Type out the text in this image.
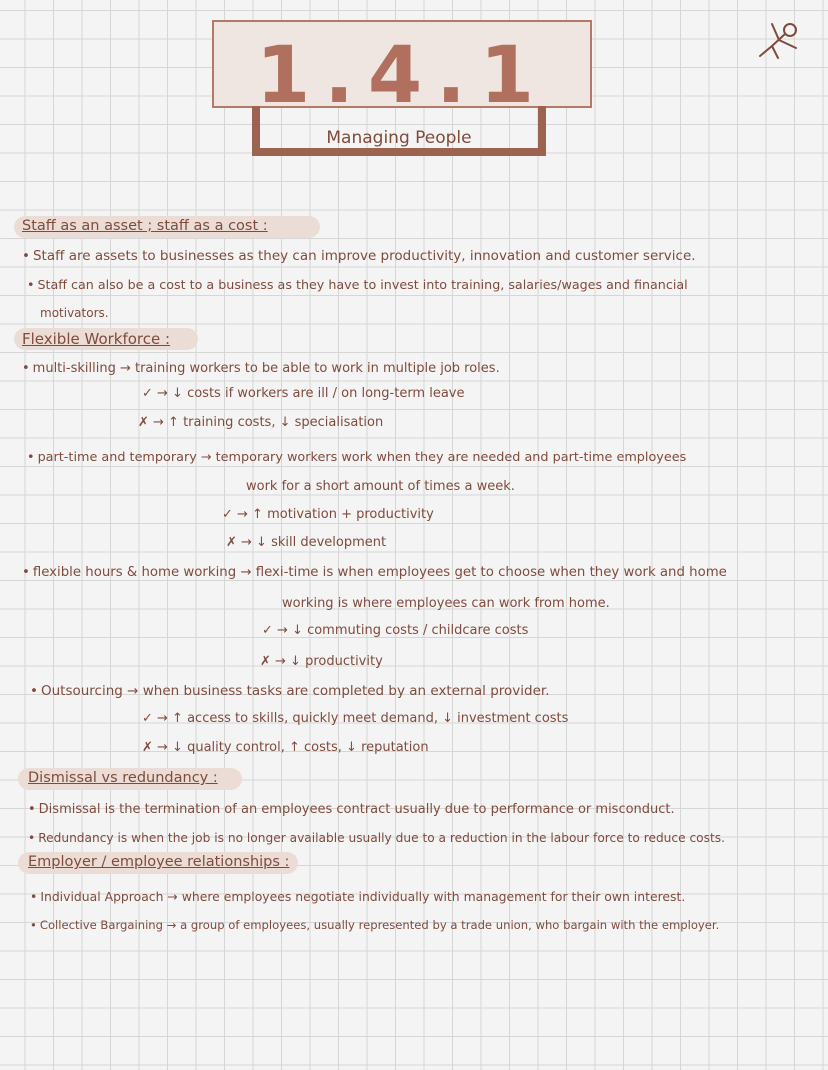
1.4.1
Managing People
Staff as an asset ; staff as a cost :
• Staff are assets to businesses as they can improve productivity, innovation and customer service.
• Staff can also be a cost to a business as they have to invest into training, salaries/wages and financial
motivators.
Flexible Workforce :
• multi-skilling → training workers to be able to work in multiple job roles.
✓ → ↓ costs if workers are ill / on long-term leave
✗ → ↑ training costs, ↓ specialisation
• part-time and temporary → temporary workers work when they are needed and part-time employees
work for a short amount of times a week.
✓ → ↑ motivation + productivity
✗ → ↓ skill development
• flexible hours & home working → flexi-time is when employees get to choose when they work and home
working is where employees can work from home.
✓ → ↓ commuting costs / childcare costs
✗ → ↓ productivity
• Outsourcing → when business tasks are completed by an external provider.
✓ → ↑ access to skills, quickly meet demand, ↓ investment costs
✗ → ↓ quality control, ↑ costs, ↓ reputation
Dismissal vs redundancy :
• Dismissal is the termination of an employees contract usually due to performance or misconduct.
• Redundancy is when the job is no longer available usually due to a reduction in the labour force to reduce costs.
Employer / employee relationships :
• Individual Approach → where employees negotiate individually with management for their own interest.
• Collective Bargaining → a group of employees, usually represented by a trade union, who bargain with the employer.
